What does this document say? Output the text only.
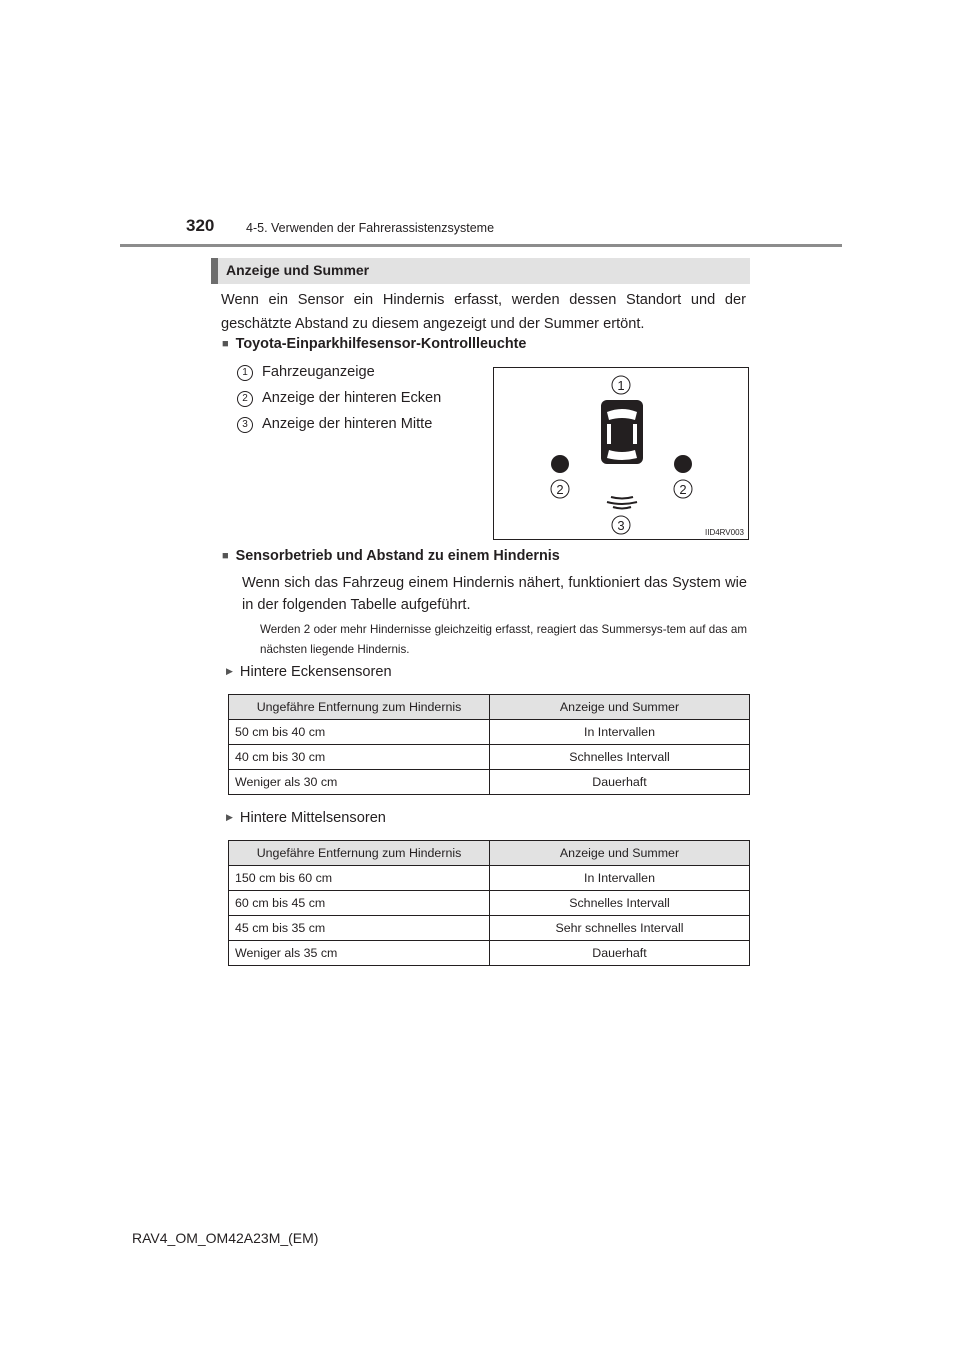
320	4-5. Verwenden der Fahrerassistenzsysteme
Anzeige und Summer
Wenn ein Sensor ein Hindernis erfasst, werden dessen Standort und der geschätzte Abstand zu diesem angezeigt und der Summer ertönt.
■ Toyota-Einparkhilfesensor-Kontrollleuchte
1 Fahrzeuganzeige
2 Anzeige der hinteren Ecken
3 Anzeige der hinteren Mitte
1
2	2
3	IID4RV003
■ Sensorbetrieb und Abstand zu einem Hindernis
Wenn sich das Fahrzeug einem Hindernis nähert, funktioniert das System wie in der folgenden Tabelle aufgeführt.
Werden 2 oder mehr Hindernisse gleichzeitig erfasst, reagiert das Summersys-tem auf das am nächsten liegende Hindernis.
▶ Hintere Eckensensoren
Ungefähre Entfernung zum Hindernis	Anzeige und Summer
50 cm bis 40 cm	In Intervallen
40 cm bis 30 cm	Schnelles Intervall
Weniger als 30 cm	Dauerhaft
▶ Hintere Mittelsensoren
Ungefähre Entfernung zum Hindernis	Anzeige und Summer
150 cm bis 60 cm	In Intervallen
60 cm bis 45 cm	Schnelles Intervall
45 cm bis 35 cm	Sehr schnelles Intervall
Weniger als 35 cm	Dauerhaft
RAV4_OM_OM42A23M_(EM)
